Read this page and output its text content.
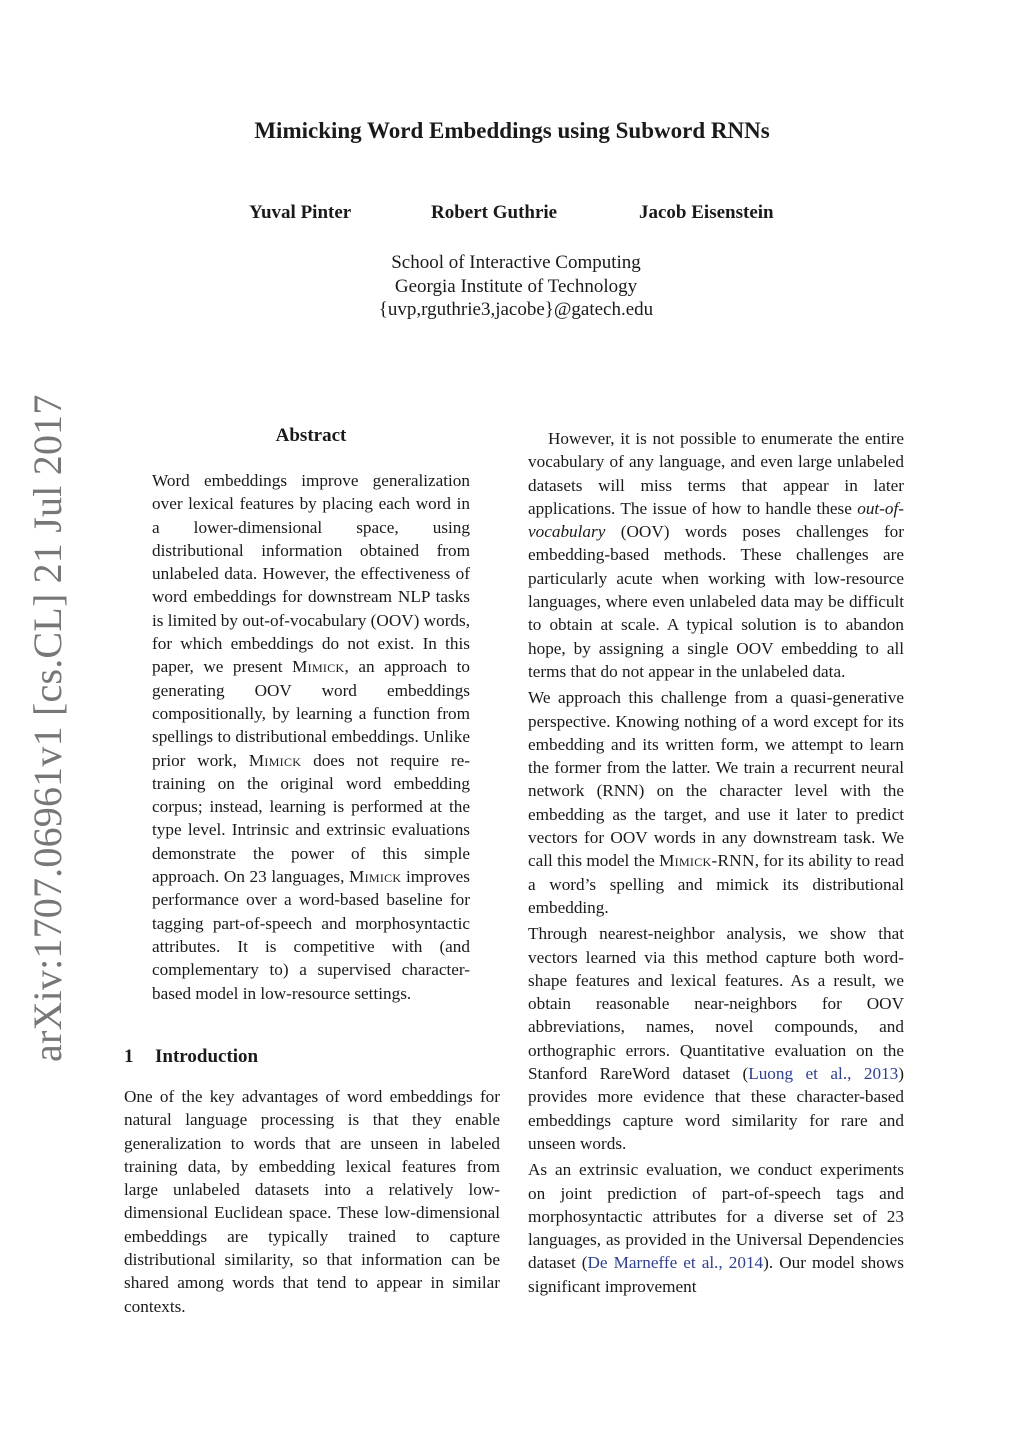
Mimicking Word Embeddings using Subword RNNs
Yuval Pinter	Robert Guthrie	Jacob Eisenstein
School of Interactive Computing
Georgia Institute of Technology
{uvp,rguthrie3,jacobe}@gatech.edu
arXiv:1707.06961v1 [cs.CL] 21 Jul 2017	Abstract

Word embeddings improve generalization over lexical features by placing each word in a lower-dimensional space, using distributional information obtained from unlabeled data. However, the effectiveness of word embeddings for downstream NLP tasks is limited by out-of-vocabulary (OOV) words, for which embeddings do not exist. In this paper, we present Mimick, an approach to generating OOV word embeddings compositionally, by learning a function from spellings to distributional embeddings. Unlike prior work, Mimick does not require re-training on the original word embedding corpus; instead, learning is performed at the type level. Intrinsic and extrinsic evaluations demonstrate the power of this simple approach. On 23 languages, Mimick improves performance over a word-based baseline for tagging part-of-speech and morphosyntactic attributes. It is competitive with (and complementary to) a supervised character-based model in low-resource settings.

1 Introduction

One of the key advantages of word embeddings for natural language processing is that they enable generalization to words that are unseen in labeled training data, by embedding lexical features from large unlabeled datasets into a relatively low-dimensional Euclidean space. These low-dimensional embeddings are typically trained to capture distributional similarity, so that information can be shared among words that tend to appear in similar contexts.

However, it is not possible to enumerate the entire vocabulary of any language, and even large unlabeled datasets will miss terms that appear in later applications. The issue of how to handle these out-of-vocabulary (OOV) words poses challenges for embedding-based methods. These challenges are particularly acute when working with low-resource languages, where even unlabeled data may be difficult to obtain at scale. A typical solution is to abandon hope, by assigning a single OOV embedding to all terms that do not appear in the unlabeled data.

We approach this challenge from a quasi-generative perspective. Knowing nothing of a word except for its embedding and its written form, we attempt to learn the former from the latter. We train a recurrent neural network (RNN) on the character level with the embedding as the target, and use it later to predict vectors for OOV words in any downstream task. We call this model the Mimick-RNN, for its ability to read a word’s spelling and mimick its distributional embedding.

Through nearest-neighbor analysis, we show that vectors learned via this method capture both word-shape features and lexical features. As a result, we obtain reasonable near-neighbors for OOV abbreviations, names, novel compounds, and orthographic errors. Quantitative evaluation on the Stanford RareWord dataset (Luong et al., 2013) provides more evidence that these character-based embeddings capture word similarity for rare and unseen words.

As an extrinsic evaluation, we conduct experiments on joint prediction of part-of-speech tags and morphosyntactic attributes for a diverse set of 23 languages, as provided in the Universal Dependencies dataset (De Marneffe et al., 2014). Our model shows significant improvement
